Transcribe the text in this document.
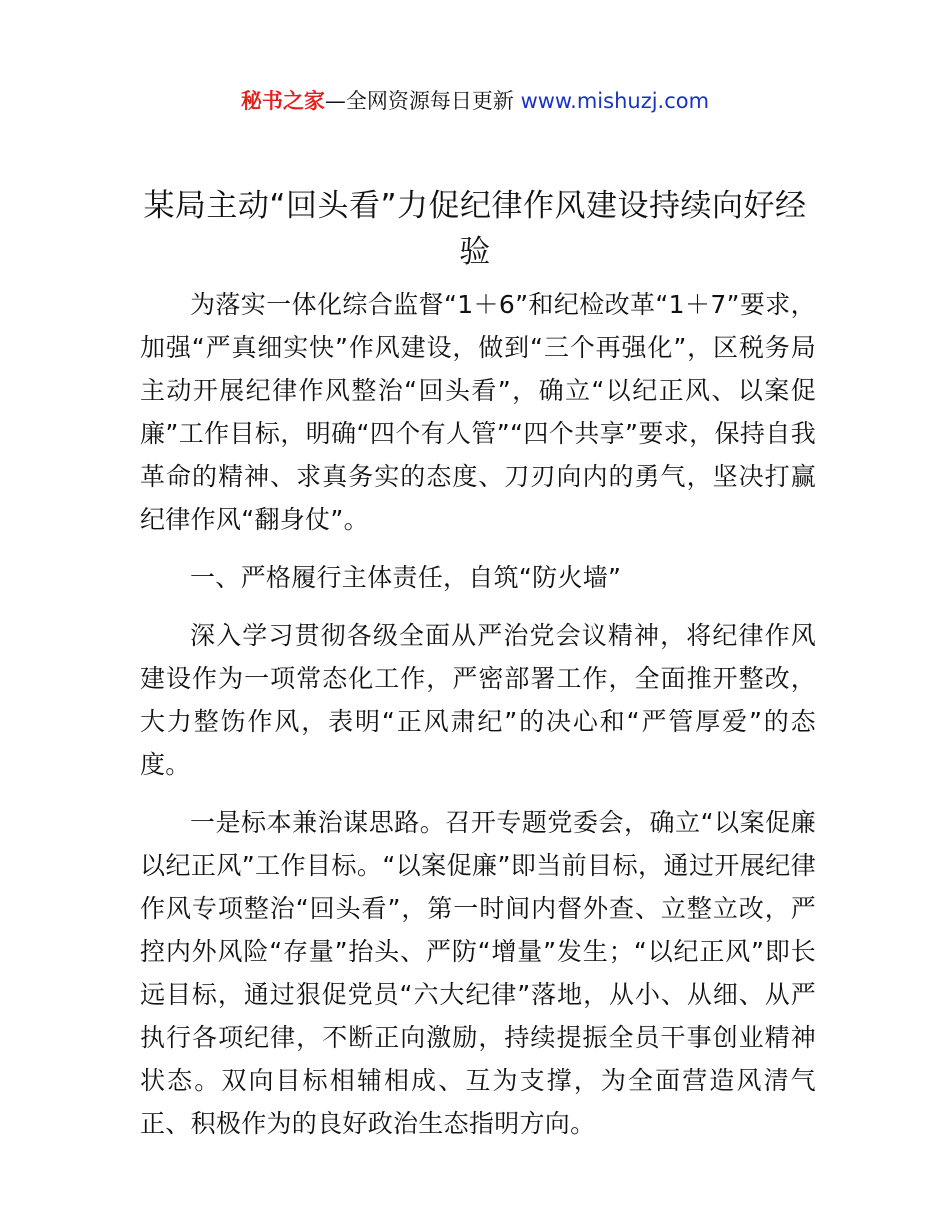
秘书之家—全网资源每日更新 www.mishuzj.com
某局主动“回头看”力促纪律作风建设持续向好经验

为落实一体化综合监督“1＋6”和纪检改革“1＋7”要求，加强“严真细实快”作风建设，做到“三个再强化”，区税务局主动开展纪律作风整治“回头看”，确立“以纪正风、以案促廉”工作目标，明确“四个有人管”“四个共享”要求，保持自我革命的精神、求真务实的态度、刀刃向内的勇气，坚决打赢纪律作风“翻身仗”。

一、严格履行主体责任，自筑“防火墙”

深入学习贯彻各级全面从严治党会议精神，将纪律作风建设作为一项常态化工作，严密部署工作，全面推开整改，大力整饬作风，表明“正风肃纪”的决心和“严管厚爱”的态度。

一是标本兼治谋思路。召开专题党委会，确立“以案促廉以纪正风”工作目标。“以案促廉”即当前目标，通过开展纪律作风专项整治“回头看”，第一时间内督外查、立整立改，严控内外风险“存量”抬头、严防“增量”发生；“以纪正风”即长远目标，通过狠促党员“六大纪律”落地，从小、从细、从严执行各项纪律，不断正向激励，持续提振全员干事创业精神状态。双向目标相辅相成、互为支撑，为全面营造风清气正、积极作为的良好政治生态指明方向。
